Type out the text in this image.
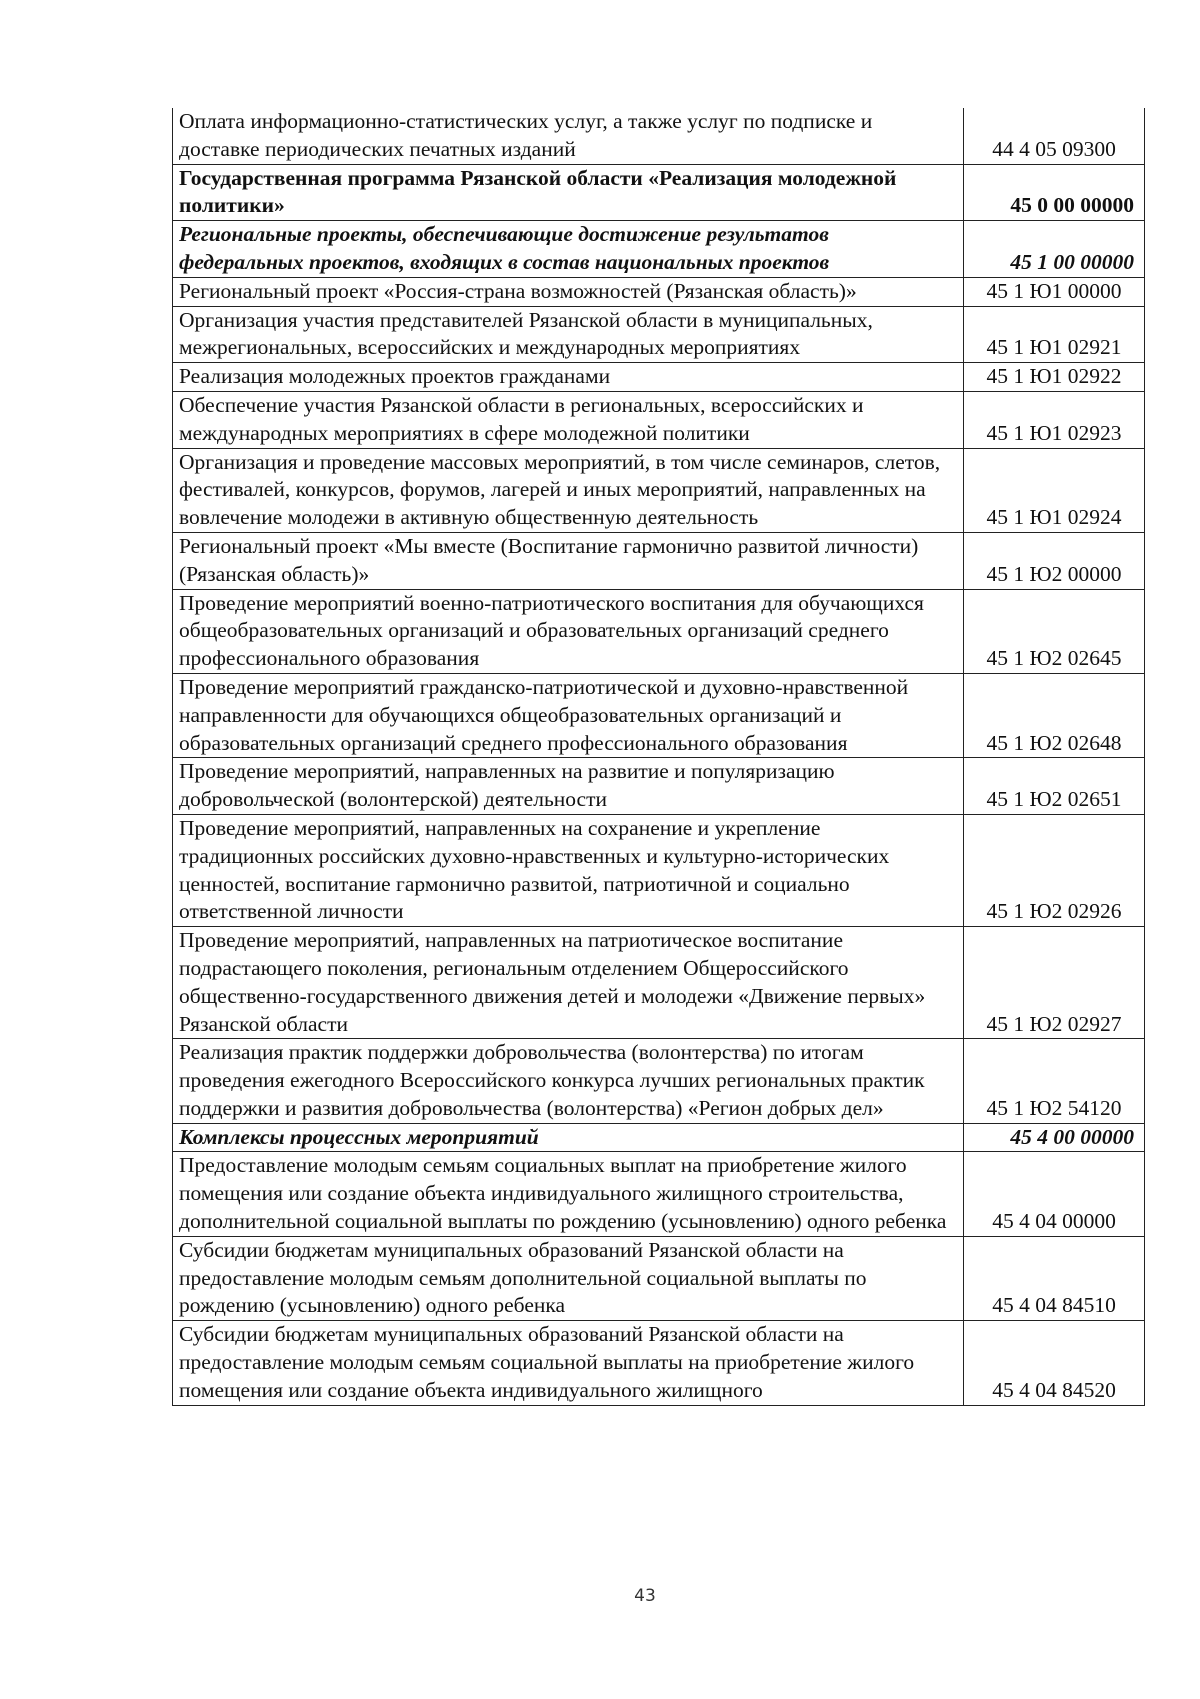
Оплата информационно-статистических услуг, а также услуг по подписке и доставке периодических печатных изданий	44 4 05 09300
Государственная программа Рязанской области «Реализация молодежной политики»	45 0 00 00000
Региональные проекты, обеспечивающие достижение результатов федеральных проектов, входящих в состав национальных проектов	45 1 00 00000
Региональный проект «Россия-страна возможностей (Рязанская область)»	45 1 Ю1 00000
Организация участия представителей Рязанской области в муниципальных, межрегиональных, всероссийских и международных мероприятиях	45 1 Ю1 02921
Реализация молодежных проектов гражданами	45 1 Ю1 02922
Обеспечение участия Рязанской области в региональных, всероссийских и международных мероприятиях в сфере молодежной политики	45 1 Ю1 02923
Организация и проведение массовых мероприятий, в том числе семинаров, слетов, фестивалей, конкурсов, форумов, лагерей и иных мероприятий, направленных на вовлечение молодежи в активную общественную деятельность	45 1 Ю1 02924
Региональный проект «Мы вместе (Воспитание гармонично развитой личности) (Рязанская область)»	45 1 Ю2 00000
Проведение мероприятий военно-патриотического воспитания для обучающихся общеобразовательных организаций и образовательных организаций среднего профессионального образования	45 1 Ю2 02645
Проведение мероприятий гражданско-патриотической и духовно-нравственной направленности для обучающихся общеобразовательных организаций и образовательных организаций среднего профессионального образования	45 1 Ю2 02648
Проведение мероприятий, направленных на развитие и популяризацию добровольческой (волонтерской) деятельности	45 1 Ю2 02651
Проведение мероприятий, направленных на сохранение и укрепление традиционных российских духовно-нравственных и культурно-исторических ценностей, воспитание гармонично развитой, патриотичной и социально ответственной личности	45 1 Ю2 02926
Проведение мероприятий, направленных на патриотическое воспитание подрастающего поколения, региональным отделением Общероссийского общественно-государственного движения детей и молодежи «Движение первых» Рязанской области	45 1 Ю2 02927
Реализация практик поддержки добровольчества (волонтерства) по итогам проведения ежегодного Всероссийского конкурса лучших региональных практик поддержки и развития добровольчества (волонтерства) «Регион добрых дел»	45 1 Ю2 54120
Комплексы процессных мероприятий	45 4 00 00000
Предоставление молодым семьям социальных выплат на приобретение жилого помещения или создание объекта индивидуального жилищного строительства, дополнительной социальной выплаты по рождению (усыновлению) одного ребенка	45 4 04 00000
Субсидии бюджетам муниципальных образований Рязанской области на предоставление молодым семьям дополнительной социальной выплаты по рождению (усыновлению) одного ребенка	45 4 04 84510
Субсидии бюджетам муниципальных образований Рязанской области на предоставление молодым семьям социальной выплаты на приобретение жилого помещения или создание объекта индивидуального жилищного	45 4 04 84520
43
